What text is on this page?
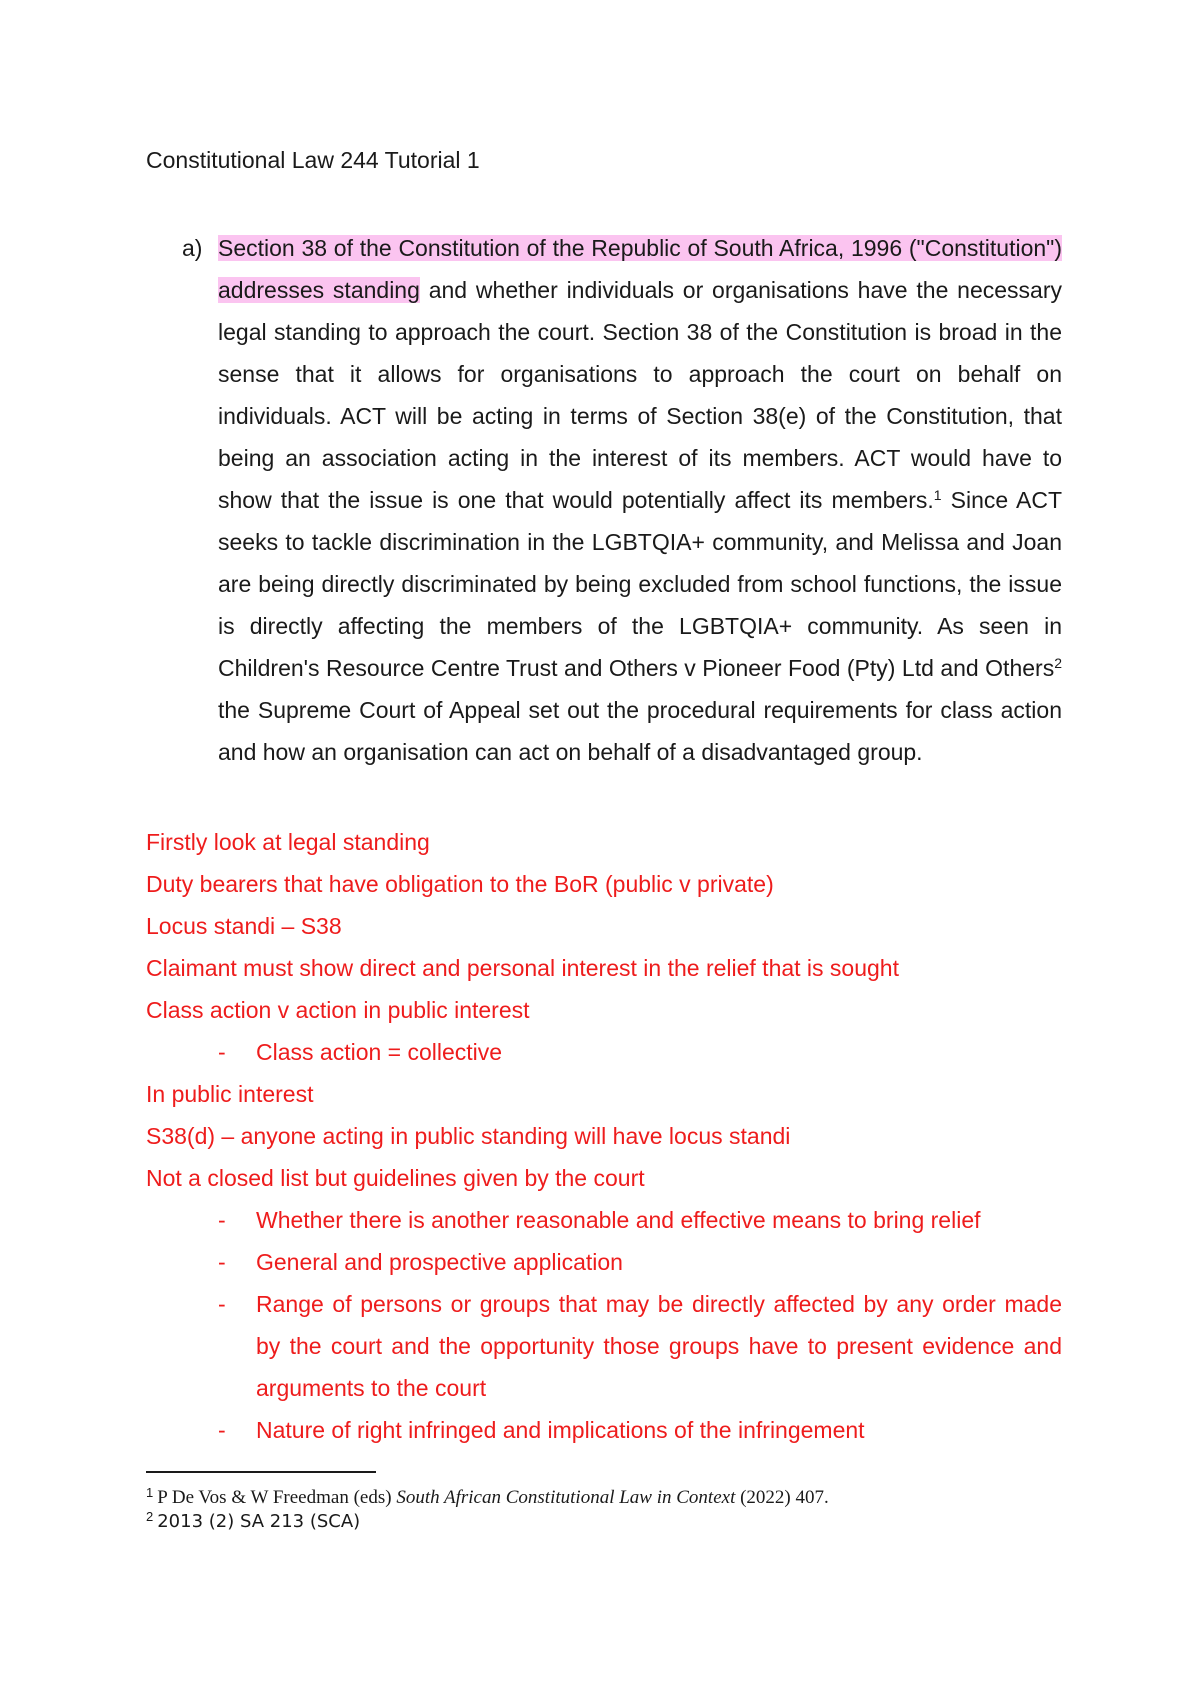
Constitutional Law 244 Tutorial 1
a) Section 38 of the Constitution of the Republic of South Africa, 1996 ("Constitution") addresses standing and whether individuals or organisations have the necessary legal standing to approach the court. Section 38 of the Constitution is broad in the sense that it allows for organisations to approach the court on behalf on individuals. ACT will be acting in terms of Section 38(e) of the Constitution, that being an association acting in the interest of its members. ACT would have to show that the issue is one that would potentially affect its members.$^1$ Since ACT seeks to tackle discrimination in the LGBTQIA+ community, and Melissa and Joan are being directly discriminated by being excluded from school functions, the issue is directly affecting the members of the LGBTQIA+ community. As seen in Children's Resource Centre Trust and Others v Pioneer Food (Pty) Ltd and Others$^2$ the Supreme Court of Appeal set out the procedural requirements for class action and how an organisation can act on behalf of a disadvantaged group.
Firstly look at legal standing
Duty bearers that have obligation to the BoR (public v private)
Locus standi – S38
Claimant must show direct and personal interest in the relief that is sought
Class action v action in public interest
- Class action = collective
In public interest
S38(d) – anyone acting in public standing will have locus standi
Not a closed list but guidelines given by the court
- Whether there is another reasonable and effective means to bring relief
- General and prospective application
- Range of persons or groups that may be directly affected by any order made by the court and the opportunity those groups have to present evidence and arguments to the court
- Nature of right infringed and implications of the infringement
$^1$ P De Vos & W Freedman (eds) South African Constitutional Law in Context (2022) 407.
$^2$ 2013 (2) SA 213 (SCA)
